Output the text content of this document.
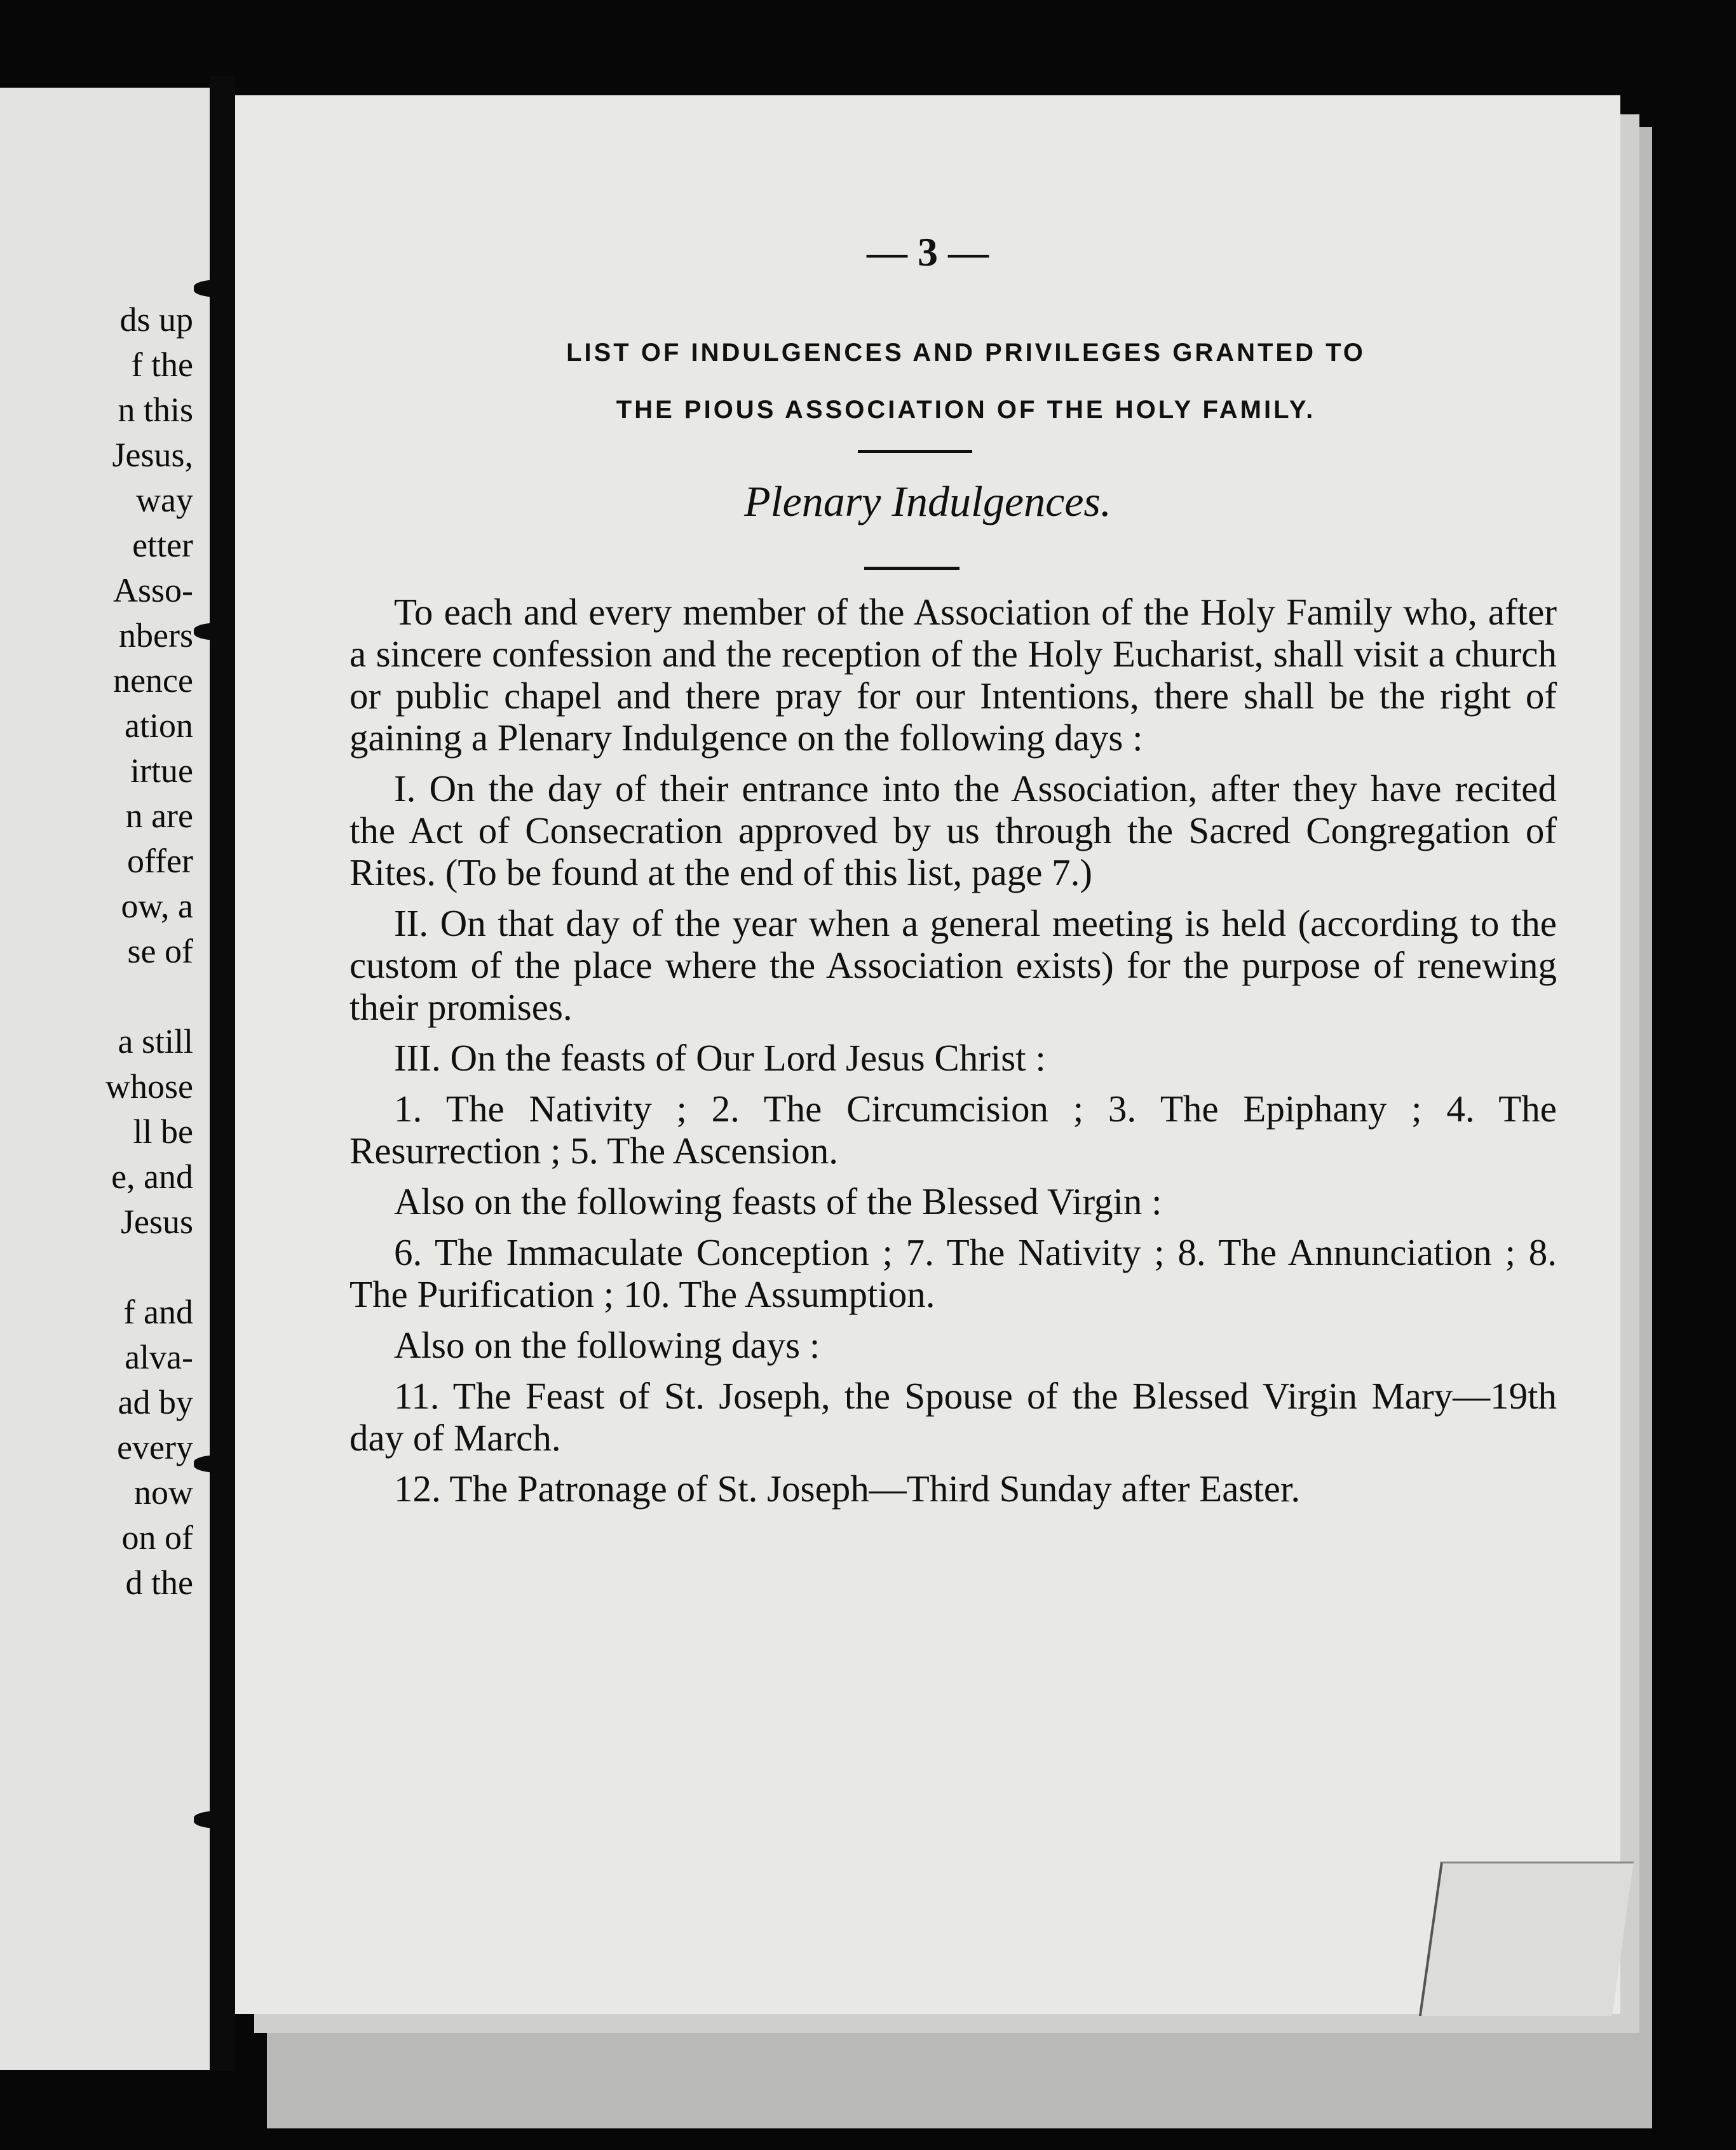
ds up
f the
n this
Jesus,
way
etter
Asso-
nbers
nence
ation
irtue
n are
offer
ow, a
se of
a still
whose
ll be
e, and
Jesus
f and
alva-
ad by
every
now
on of
d the
— 3 —
LIST OF INDULGENCES AND PRIVILEGES GRANTED TO
THE PIOUS ASSOCIATION OF THE HOLY FAMILY.
Plenary Indulgences.

To each and every member of the Association of the Holy Family who, after a sincere confession and the reception of the Holy Eucharist, shall visit a church or public chapel and there pray for our Intentions, there shall be the right of gaining a Plenary Indulgence on the following days :

I. On the day of their entrance into the Association, after they have recited the Act of Consecration approved by us through the Sacred Congregation of Rites. (To be found at the end of this list, page 7.)

II. On that day of the year when a general meeting is held (according to the custom of the place where the Association exists) for the purpose of renewing their promises.

III. On the feasts of Our Lord Jesus Christ :

1. The Nativity ; 2. The Circumcision ; 3. The Epiphany ; 4. The Resurrection ; 5. The Ascension.

Also on the following feasts of the Blessed Virgin :

6. The Immaculate Conception ; 7. The Nativity ; 8. The Annunciation ; 8. The Purification ; 10. The Assumption.

Also on the following days :

11. The Feast of St. Joseph, the Spouse of the Blessed Virgin Mary—19th day of March.

12. The Patronage of St. Joseph—Third Sunday after Easter.
